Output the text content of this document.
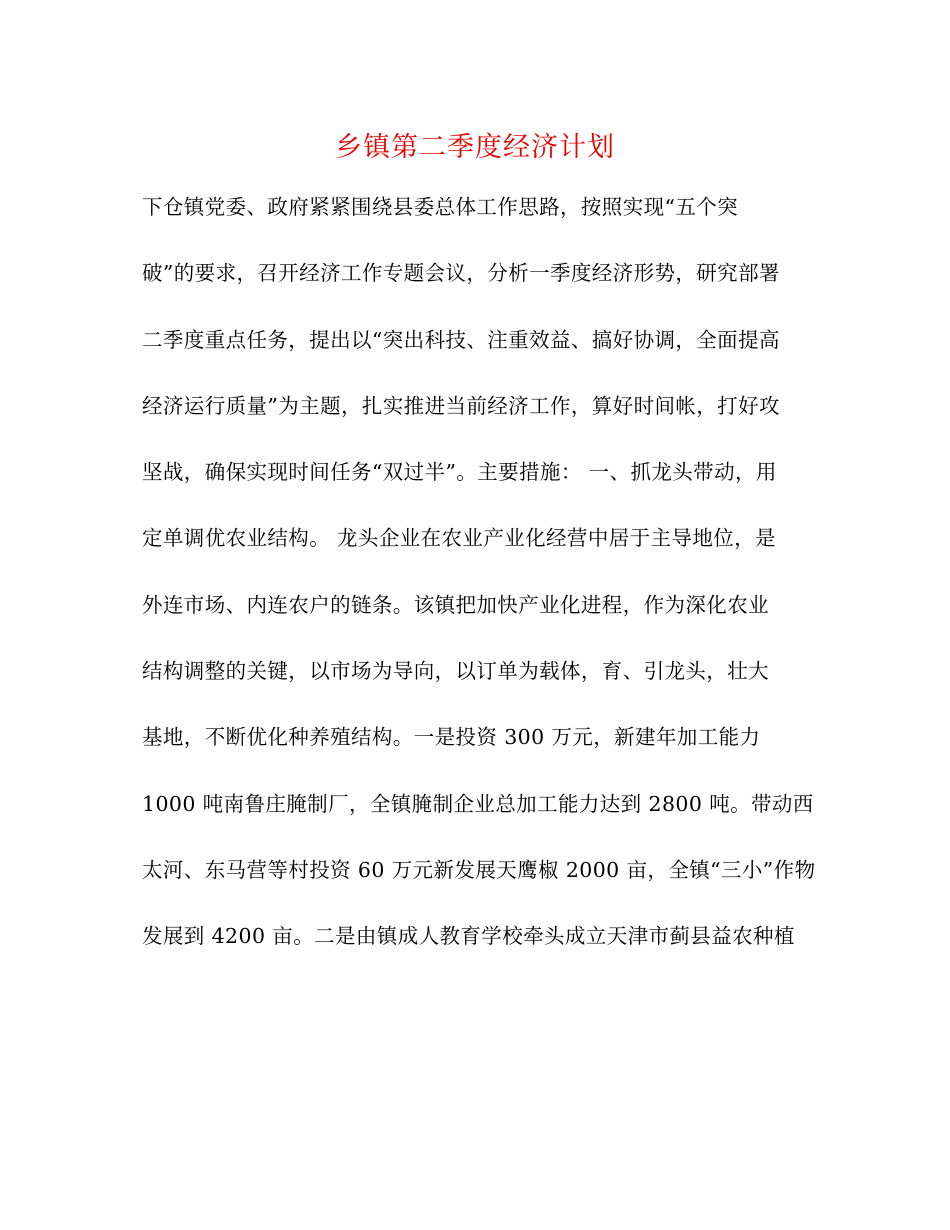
乡镇第二季度经济计划
下仓镇党委、政府紧紧围绕县委总体工作思路，按照实现“五个突
破”的要求，召开经济工作专题会议，分析一季度经济形势，研究部署
二季度重点任务，提出以“突出科技、注重效益、搞好协调，全面提高
经济运行质量”为主题，扎实推进当前经济工作，算好时间帐，打好攻
坚战，确保实现时间任务“双过半”。主要措施： 一、抓龙头带动，用
定单调优农业结构。 龙头企业在农业产业化经营中居于主导地位，是
外连市场、内连农户的链条。该镇把加快产业化进程，作为深化农业
结构调整的关键，以市场为导向，以订单为载体，育、引龙头，壮大
基地，不断优化种养殖结构。一是投资 300 万元，新建年加工能力
1000 吨南鲁庄腌制厂，全镇腌制企业总加工能力达到 2800 吨。带动西
太河、东马营等村投资 60 万元新发展天鹰椒 2000 亩，全镇“三小”作物
发展到 4200 亩。二是由镇成人教育学校牵头成立天津市蓟县益农种植
